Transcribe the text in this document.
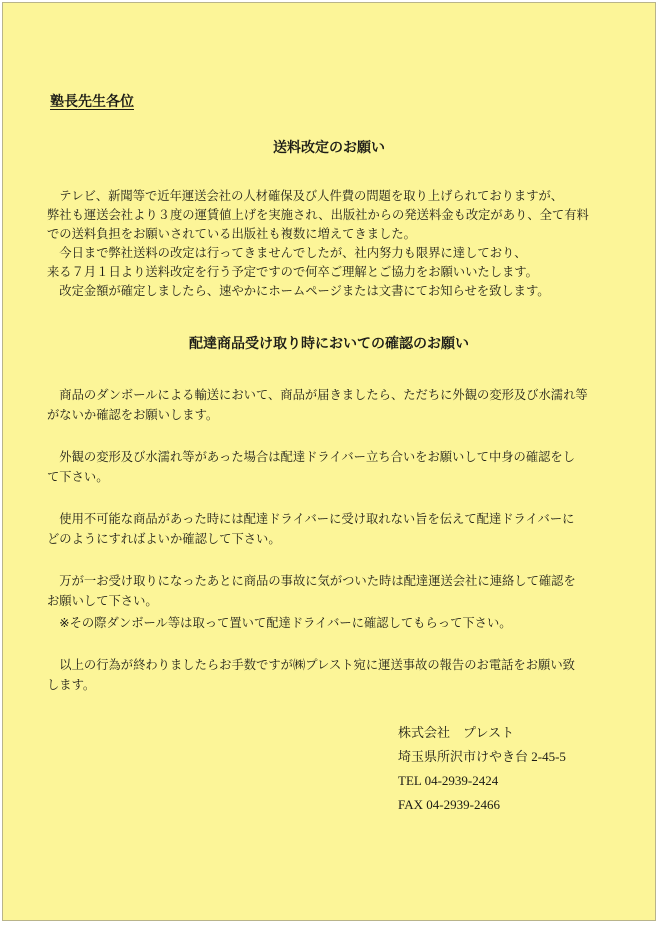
塾長先生各位
送料改定のお願い
　テレビ、新聞等で近年運送会社の人材確保及び人件費の問題を取り上げられておりますが、
弊社も運送会社より３度の運賃値上げを実施され、出版社からの発送料金も改定があり、全て有料
での送料負担をお願いされている出版社も複数に増えてきました。
　今日まで弊社送料の改定は行ってきませんでしたが、社内努力も限界に達しており、
来る７月１日より送料改定を行う予定ですので何卒ご理解とご協力をお願いいたします。
　改定金額が確定しましたら、速やかにホームページまたは文書にてお知らせを致します。
配達商品受け取り時においての確認のお願い
　商品のダンボールによる輸送において、商品が届きましたら、ただちに外観の変形及び水濡れ等
がないか確認をお願いします。
　外観の変形及び水濡れ等があった場合は配達ドライバー立ち合いをお願いして中身の確認をし
て下さい。
　使用不可能な商品があった時には配達ドライバーに受け取れない旨を伝えて配達ドライバーに
どのようにすればよいか確認して下さい。
　万が一お受け取りになったあとに商品の事故に気がついた時は配達運送会社に連絡して確認を
お願いして下さい。
　※その際ダンボール等は取って置いて配達ドライバーに確認してもらって下さい。
　以上の行為が終わりましたらお手数ですが㈱プレスト宛に運送事故の報告のお電話をお願い致
します。
株式会社　プレスト
埼玉県所沢市けやき台 2-45-5
TEL 04-2939-2424
FAX 04-2939-2466
